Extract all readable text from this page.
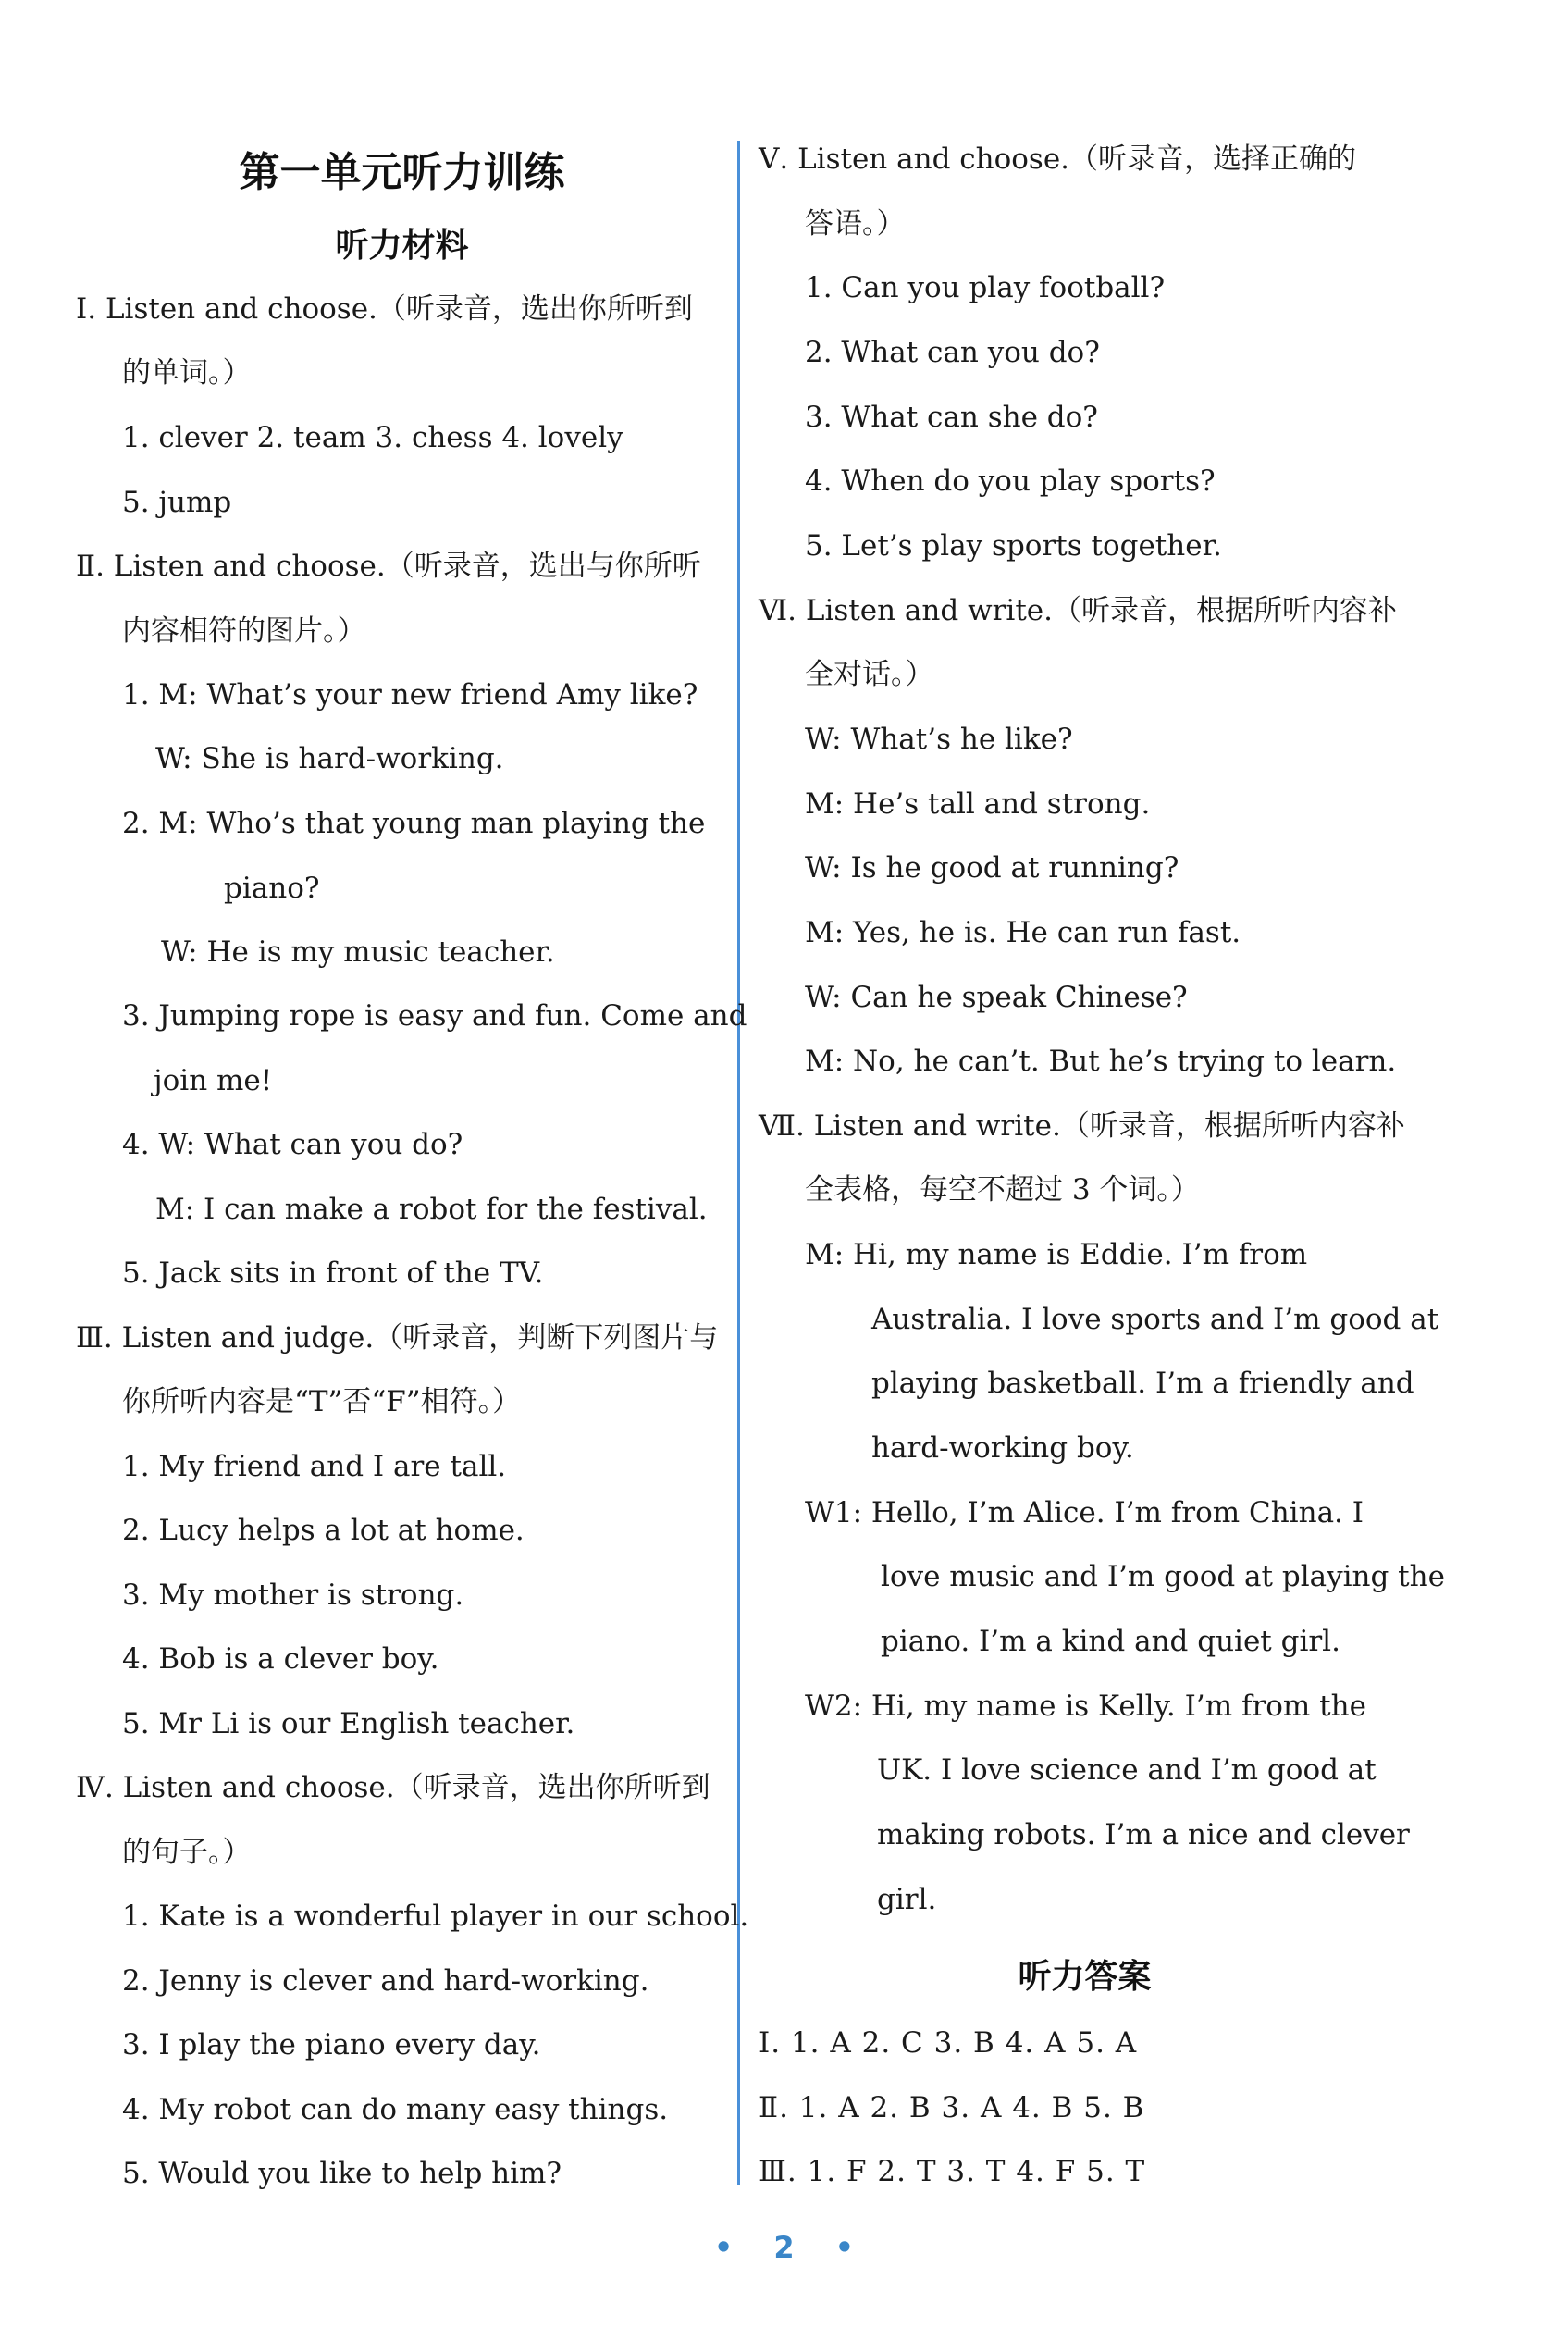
第一单元听力训练
听力材料
Ⅰ. Listen and choose.（听录音，选出你所听到
的单词。）
1. clever 2. team 3. chess 4. lovely
5. jump
Ⅱ. Listen and choose.（听录音，选出与你所听
内容相符的图片。）
1. M: What’s your new friend Amy like?
W: She is hard-working.
2. M: Who’s that young man playing the
piano?
W: He is my music teacher.
3. Jumping rope is easy and fun. Come and
join me!
4. W: What can you do?
M: I can make a robot for the festival.
5. Jack sits in front of the TV.
Ⅲ. Listen and judge.（听录音，判断下列图片与
你所听内容是“T”否“F”相符。）
1. My friend and I are tall.
2. Lucy helps a lot at home.
3. My mother is strong.
4. Bob is a clever boy.
5. Mr Li is our English teacher.
Ⅳ. Listen and choose.（听录音，选出你所听到
的句子。）
1. Kate is a wonderful player in our school.
2. Jenny is clever and hard-working.
3. I play the piano every day.
4. My robot can do many easy things.
5. Would you like to help him?
Ⅴ. Listen and choose.（听录音，选择正确的
答语。）
1. Can you play football?
2. What can you do?
3. What can she do?
4. When do you play sports?
5. Let’s play sports together.
Ⅵ. Listen and write.（听录音，根据所听内容补
全对话。）
W: What’s he like?
M: He’s tall and strong.
W: Is he good at running?
M: Yes, he is. He can run fast.
W: Can he speak Chinese?
M: No, he can’t. But he’s trying to learn.
Ⅶ. Listen and write.（听录音，根据所听内容补
全表格，每空不超过 3 个词。）
M: Hi, my name is Eddie. I’m from
Australia. I love sports and I’m good at
playing basketball. I’m a friendly and
hard-working boy.
W1: Hello, I’m Alice. I’m from China. I
love music and I’m good at playing the
piano. I’m a kind and quiet girl.
W2: Hi, my name is Kelly. I’m from the
UK. I love science and I’m good at
making robots. I’m a nice and clever
girl.
听力答案
Ⅰ. 1. A 2. C 3. B 4. A 5. A
Ⅱ. 1. A 2. B 3. A 4. B 5. B
Ⅲ. 1. F 2. T 3. T 4. F 5. T
• 2 •
